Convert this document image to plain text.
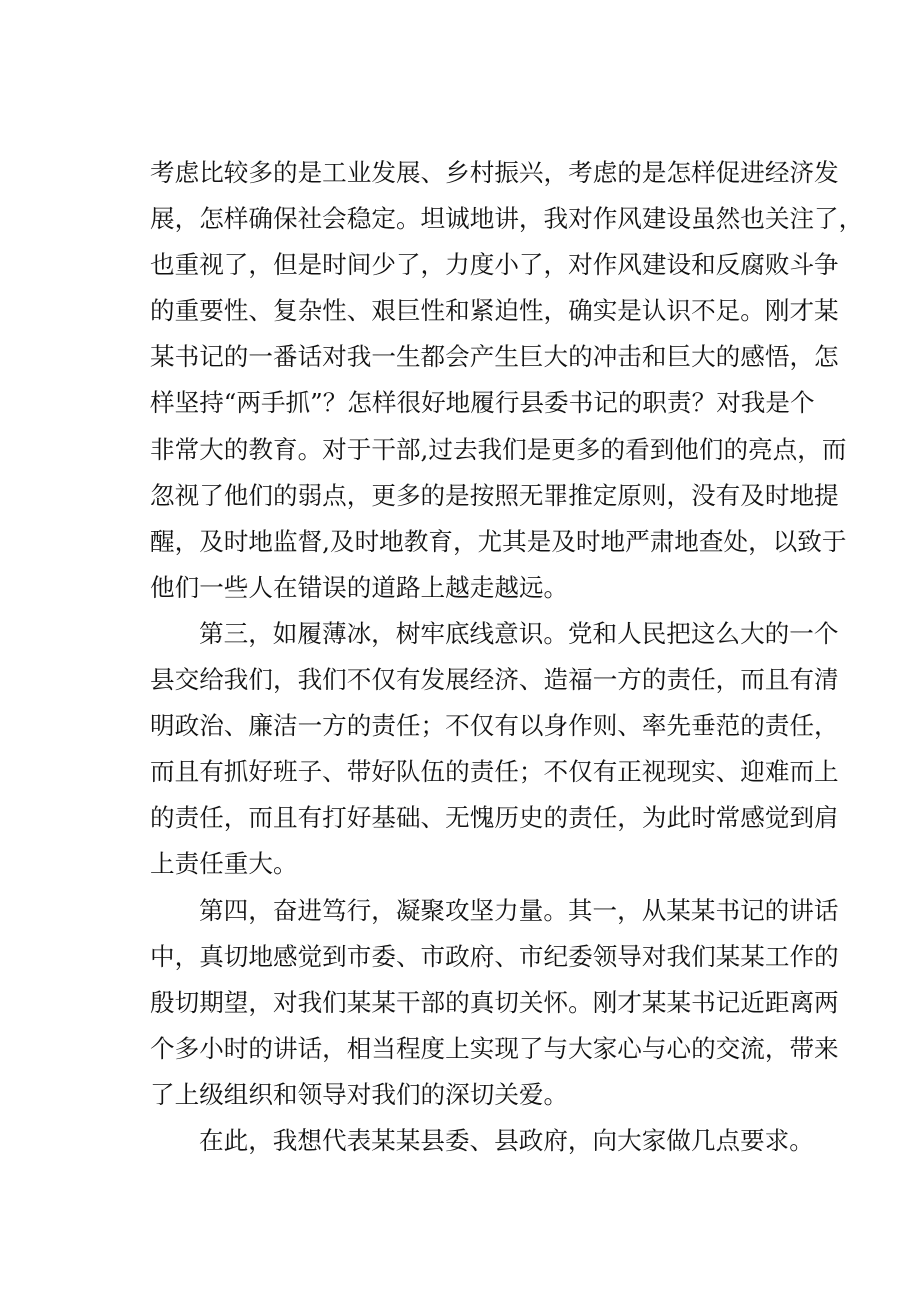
考虑比较多的是工业发展、乡村振兴，考虑的是怎样促进经济发
展，怎样确保社会稳定。坦诚地讲，我对作风建设虽然也关注了，
也重视了，但是时间少了，力度小了，对作风建设和反腐败斗争
的重要性、复杂性、艰巨性和紧迫性，确实是认识不足。刚才某
某书记的一番话对我一生都会产生巨大的冲击和巨大的感悟，怎
样坚持“两手抓”？怎样很好地履行县委书记的职责？对我是个
非常大的教育。对于干部,过去我们是更多的看到他们的亮点，而
忽视了他们的弱点，更多的是按照无罪推定原则，没有及时地提
醒，及时地监督,及时地教育，尤其是及时地严肃地查处，以致于
他们一些人在错误的道路上越走越远。
第三，如履薄冰，树牢底线意识。党和人民把这么大的一个
县交给我们，我们不仅有发展经济、造福一方的责任，而且有清
明政治、廉洁一方的责任；不仅有以身作则、率先垂范的责任，
而且有抓好班子、带好队伍的责任；不仅有正视现实、迎难而上
的责任，而且有打好基础、无愧历史的责任，为此时常感觉到肩
上责任重大。
第四，奋进笃行，凝聚攻坚力量。其一，从某某书记的讲话
中，真切地感觉到市委、市政府、市纪委领导对我们某某工作的
殷切期望，对我们某某干部的真切关怀。刚才某某书记近距离两
个多小时的讲话，相当程度上实现了与大家心与心的交流，带来
了上级组织和领导对我们的深切关爱。
在此，我想代表某某县委、县政府，向大家做几点要求。
